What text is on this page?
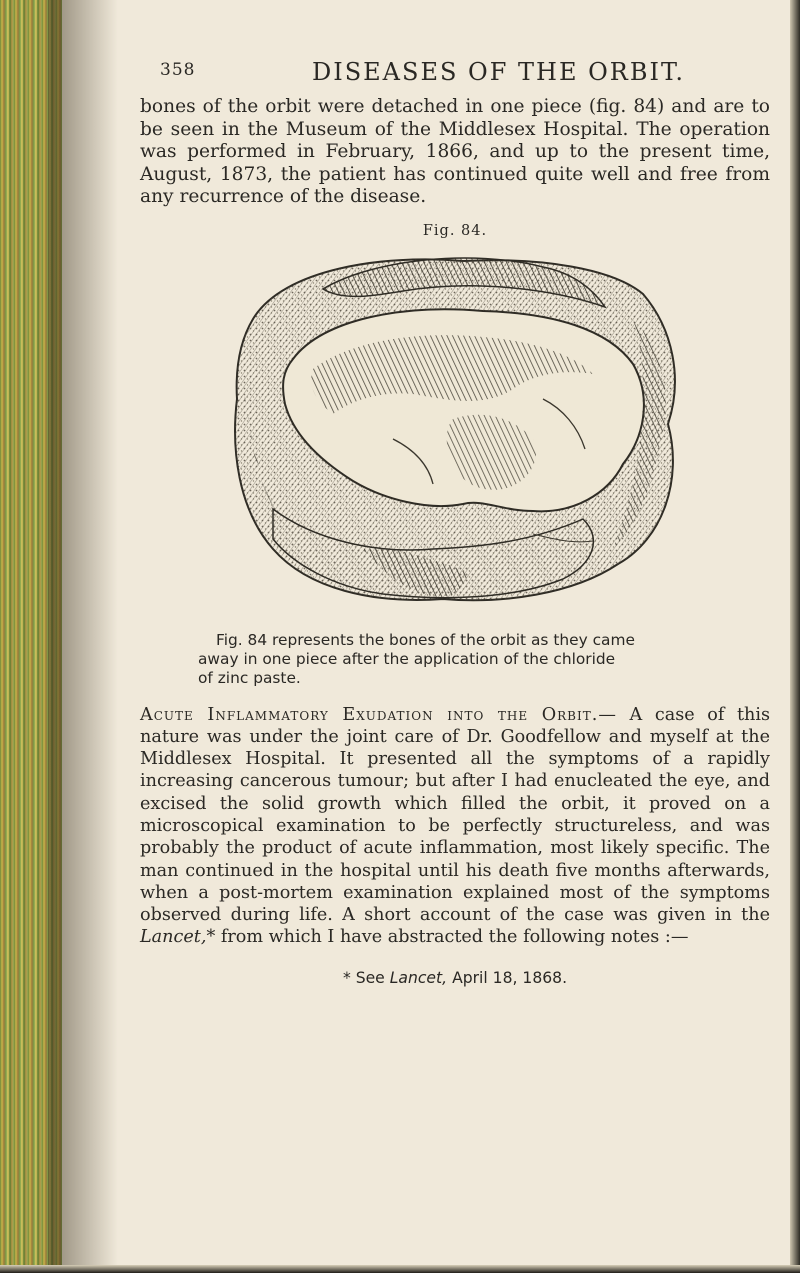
358	DISEASES OF THE ORBIT.

bones of the orbit were detached in one piece (fig. 84) and are to be seen in the Museum of the Middlesex Hospital. The operation was performed in February, 1866, and up to the present time, August, 1873, the patient has continued quite well and free from any recurrence of the disease.

Fig. 84.
Fig. 84 represents the bones of the orbit as they came
away in one piece after the application of the chloride
of zinc paste.

Acute Inflammatory Exudation into the Orbit.— A case of this nature was under the joint care of Dr. Goodfellow and myself at the Middlesex Hospital. It presented all the symptoms of a rapidly increasing cancerous tumour; but after I had enucleated the eye, and excised the solid growth which filled the orbit, it proved on a microscopical examination to be perfectly structureless, and was probably the product of acute inflammation, most likely specific. The man continued in the hospital until his death five months afterwards, when a post-mortem examination explained most of the symptoms observed during life. A short account of the case was given in the Lancet,* from which I have abstracted the following notes :—

* See Lancet, April 18, 1868.
